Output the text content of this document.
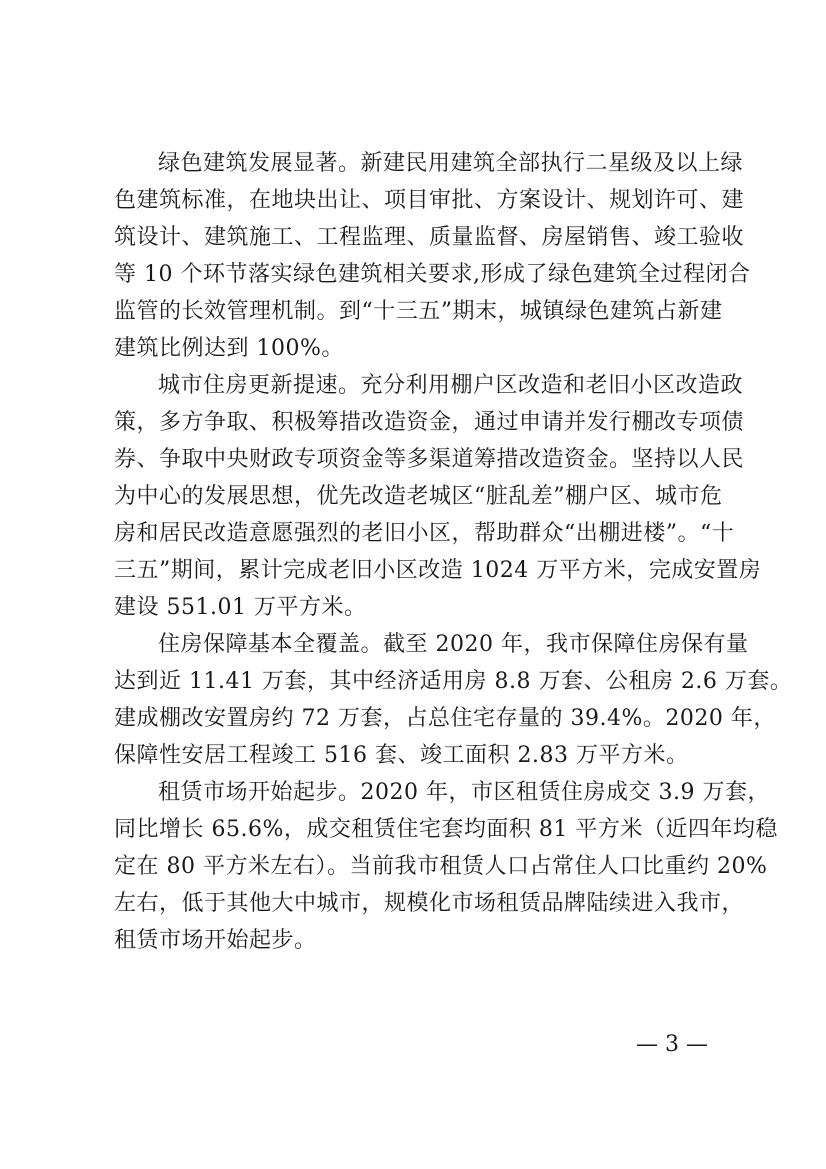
绿色建筑发展显著。新建民用建筑全部执行二星级及以上绿
色建筑标准，在地块出让、项目审批、方案设计、规划许可、建
筑设计、建筑施工、工程监理、质量监督、房屋销售、竣工验收
等 10 个环节落实绿色建筑相关要求,形成了绿色建筑全过程闭合
监管的长效管理机制。到“十三五”期末，城镇绿色建筑占新建
建筑比例达到 100%。
城市住房更新提速。充分利用棚户区改造和老旧小区改造政
策，多方争取、积极筹措改造资金，通过申请并发行棚改专项债
券、争取中央财政专项资金等多渠道筹措改造资金。坚持以人民
为中心的发展思想，优先改造老城区“脏乱差”棚户区、城市危
房和居民改造意愿强烈的老旧小区，帮助群众“出棚进楼”。“十
三五”期间，累计完成老旧小区改造 1024 万平方米，完成安置房
建设 551.01 万平方米。
住房保障基本全覆盖。截至 2020 年，我市保障住房保有量
达到近 11.41 万套，其中经济适用房 8.8 万套、公租房 2.6 万套。
建成棚改安置房约 72 万套，占总住宅存量的 39.4%。2020 年，
保障性安居工程竣工 516 套、竣工面积 2.83 万平方米。
租赁市场开始起步。2020 年，市区租赁住房成交 3.9 万套，
同比增长 65.6%，成交租赁住宅套均面积 81 平方米（近四年均稳
定在 80 平方米左右）。当前我市租赁人口占常住人口比重约 20%
左右，低于其他大中城市，规模化市场租赁品牌陆续进入我市，
租赁市场开始起步。
— 3 —
